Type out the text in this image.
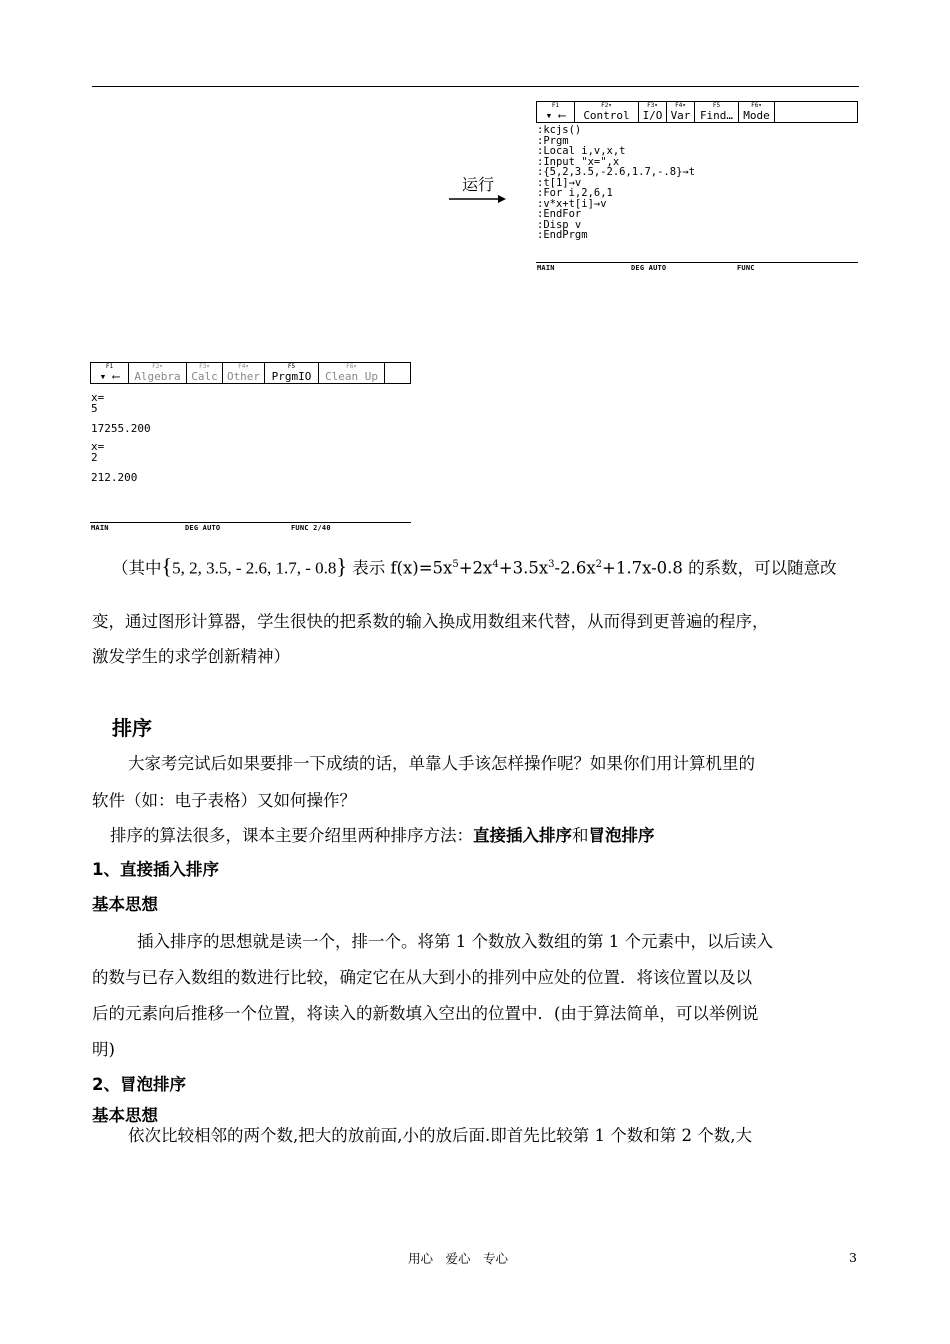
运行
F1
▾ ⟵
F2▾
Control
F3▾
I/O
F4▾
Var
F5
Find…
F6▾
Mode
:kcjs()
:Prgm
:Local i,v,x,t
:Input "x=",x
:{5,2,3.5,-2.6,1.7,-.8}→t
:t[1]→v
:For i,2,6,1
:v*x+t[i]→v
:EndFor
:Disp v
:EndPrgm
MAIN	DEG AUTO	FUNC
F1
▾ ⟵
F2▾
Algebra
F3▾
Calc
F4▾
Other
F5
PrgmIO
F6▾
Clean Up
x=
5
17255.200
x=
2
212.200
MAIN	DEG AUTO	FUNC 2/40
（其中{5, 2, 3.5, - 2.6, 1.7, - 0.8} 表示 $f(x)=5x^5+2x^4+3.5x^3-2.6x^2+1.7x-0.8$ 的系数，可以随意改
变，通过图形计算器，学生很快的把系数的输入换成用数组来代替，从而得到更普遍的程序，
激发学生的求学创新精神）
排序
大家考完试后如果要排一下成绩的话，单靠人手该怎样操作呢？如果你们用计算机里的
软件（如：电子表格）又如何操作？
排序的算法很多，课本主要介绍里两种排序方法：直接插入排序和冒泡排序
1、直接插入排序
基本思想
插入排序的思想就是读一个，排一个。将第 1 个数放入数组的第 1 个元素中，以后读入
的数与已存入数组的数进行比较，确定它在从大到小的排列中应处的位置．将该位置以及以
后的元素向后推移一个位置，将读入的新数填入空出的位置中．(由于算法简单，可以举例说
明)
2、冒泡排序
基本思想
依次比较相邻的两个数,把大的放前面,小的放后面.即首先比较第 1 个数和第 2 个数,大
用心　爱心　专心	3
